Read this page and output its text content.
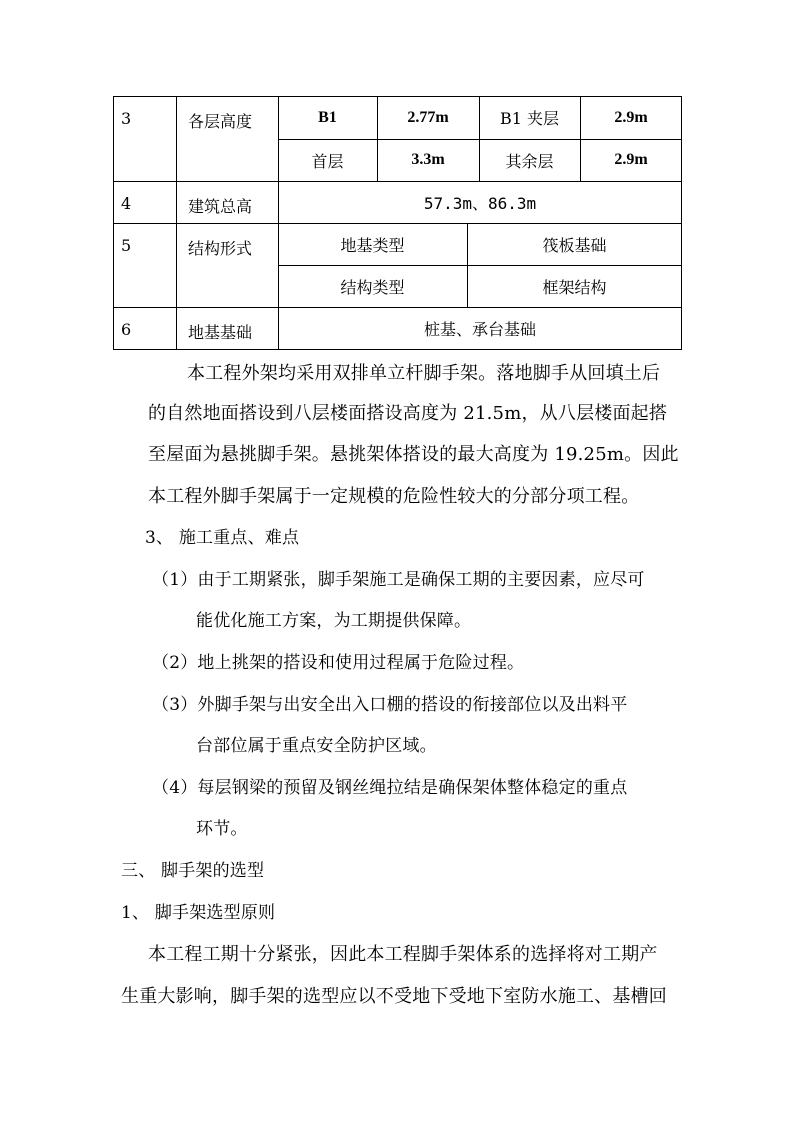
3	各层高度	B1	2.77m	B1 夹层	2.9m
首层	3.3m	其余层	2.9m
4	建筑总高	57.3m、86.3m
5	结构形式	地基类型	筏板基础
结构类型	框架结构
6	地基基础	桩基、承台基础
本工程外架均采用双排单立杆脚手架。落地脚手从回填土后
的自然地面搭设到八层楼面搭设高度为 21.5m，从八层楼面起搭
至屋面为悬挑脚手架。悬挑架体搭设的最大高度为 19.25m。因此
本工程外脚手架属于一定规模的危险性较大的分部分项工程。
3、 施工重点、难点
（1）由于工期紧张，脚手架施工是确保工期的主要因素，应尽可
能优化施工方案，为工期提供保障。
（2）地上挑架的搭设和使用过程属于危险过程。
（3）外脚手架与出安全出入口棚的搭设的衔接部位以及出料平
台部位属于重点安全防护区域。
（4）每层钢梁的预留及钢丝绳拉结是确保架体整体稳定的重点
环节。
三、 脚手架的选型
1、 脚手架选型原则
本工程工期十分紧张，因此本工程脚手架体系的选择将对工期产
生重大影响，脚手架的选型应以不受地下受地下室防水施工、基槽回
